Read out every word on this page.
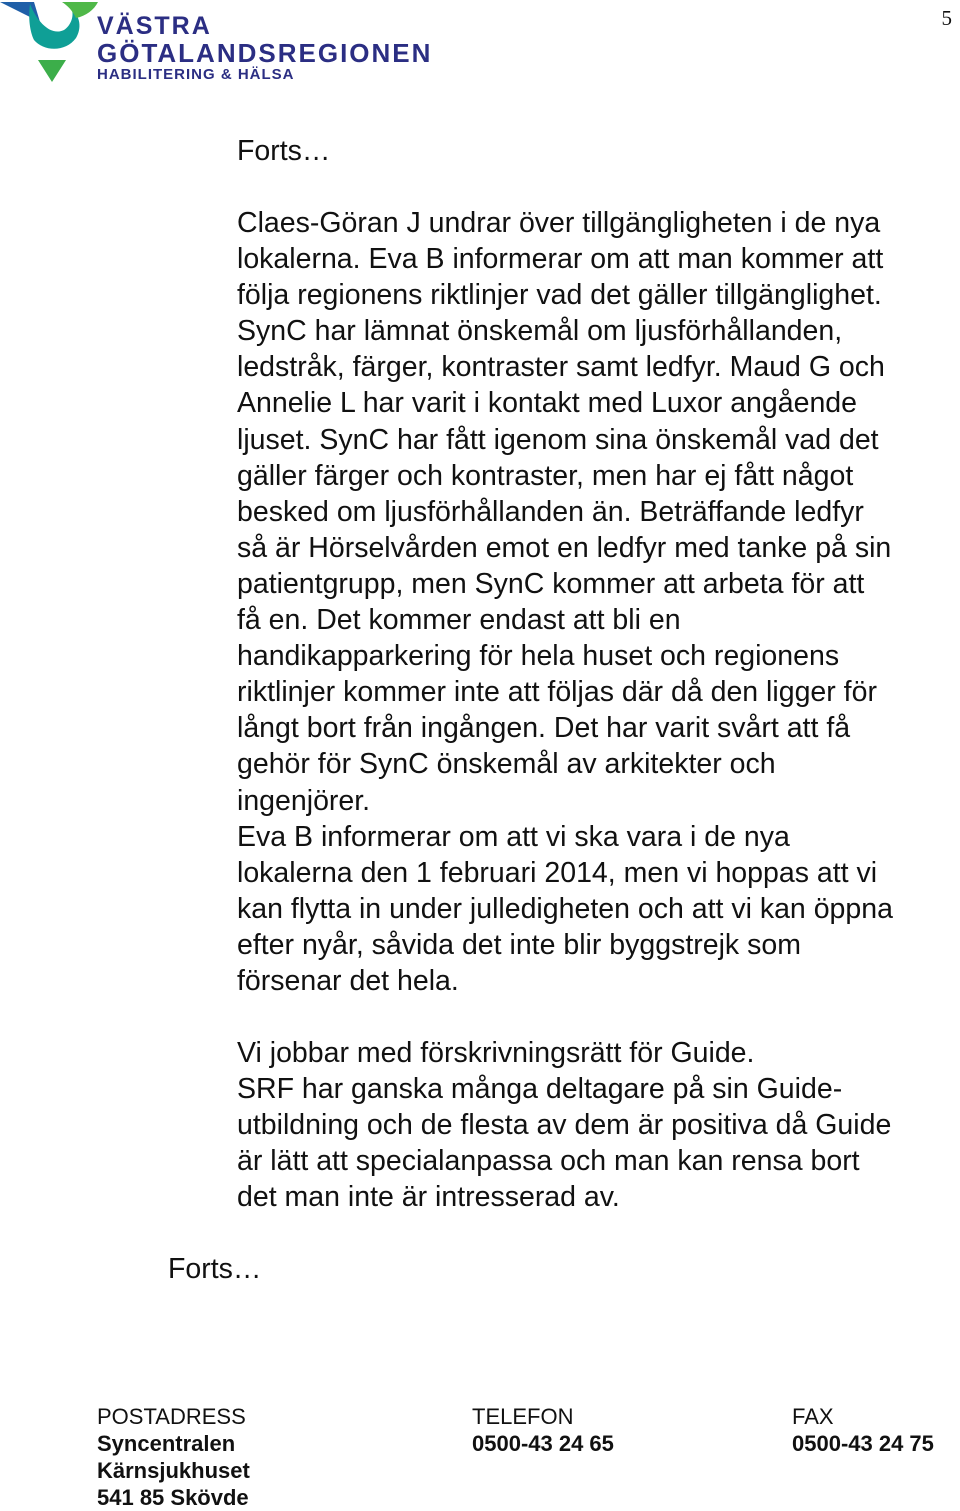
VÄSTRA
GÖTALANDSREGIONEN
HABILITERING & HÄLSA
5
Forts…

Claes-Göran J undrar över tillgängligheten i de nya

lokalerna. Eva B informerar om att man kommer att

följa regionens riktlinjer vad det gäller tillgänglighet.

SynC har lämnat önskemål om ljusförhållanden,

ledstråk, färger, kontraster samt ledfyr. Maud G och

Annelie L har varit i kontakt med Luxor angående

ljuset. SynC har fått igenom sina önskemål vad det

gäller färger och kontraster, men har ej fått något

besked om ljusförhållanden än. Beträffande ledfyr

så är Hörselvården emot en ledfyr med tanke på sin

patientgrupp, men SynC kommer att arbeta för att

få en. Det kommer endast att bli en

handikapparkering för hela huset och regionens

riktlinjer kommer inte att följas där då den ligger för

långt bort från ingången. Det har varit svårt att få

gehör för SynC önskemål av arkitekter och

ingenjörer.

Eva B informerar om att vi ska vara i de nya

lokalerna den 1 februari 2014, men vi hoppas att vi

kan flytta in under julledigheten och att vi kan öppna

efter nyår, såvida det inte blir byggstrejk som

försenar det hela.

Vi jobbar med förskrivningsrätt för Guide.

SRF har ganska många deltagare på sin Guide-

utbildning och de flesta av dem är positiva då Guide

är lätt att specialanpassa och man kan rensa bort

det man inte är intresserad av.

Forts…
POSTADRESS
Syncentralen
Kärnsjukhuset
541 85 Skövde
TELEFON
0500-43 24 65
FAX
0500-43 24 75
